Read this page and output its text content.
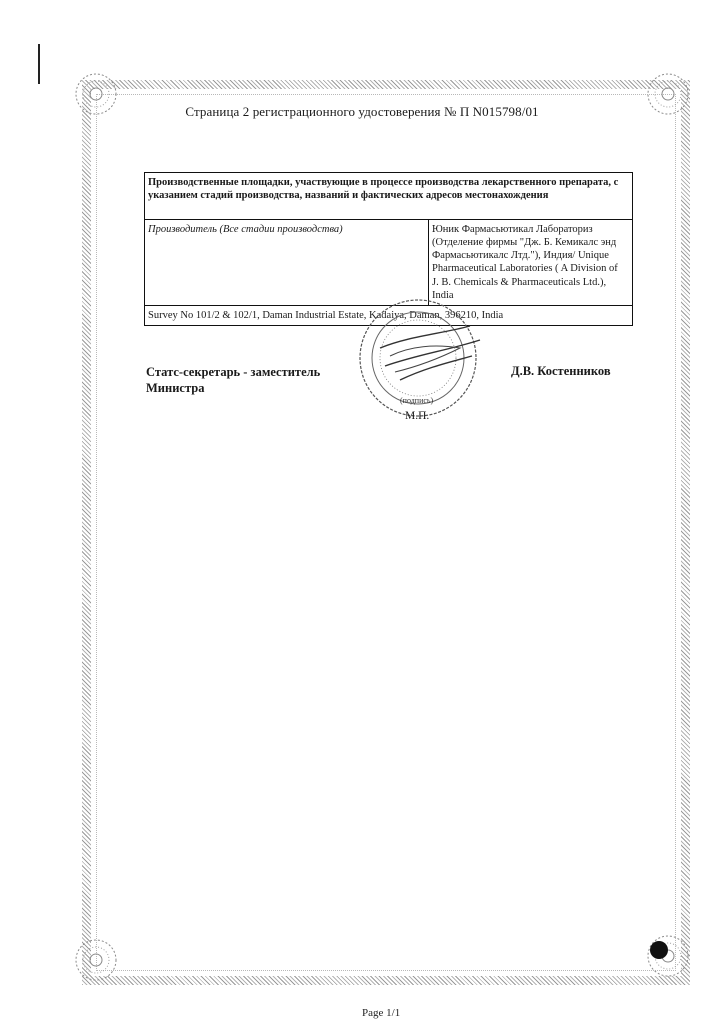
Страница 2 регистрационного удостоверения № П N015798/01
Производственные площадки, участвующие в процессе производства лекарственного препарата, с указанием стадий производства, названий и фактических адресов местонахождения
Производитель (Все стадии производства)	Юник Фармасьютикал Лабораториз
(Отделение фирмы "Дж. Б. Кемикалс энд
Фармасьютикалс Лтд."), Индия/ Unique
Pharmaceutical Laboratories ( A Division of
J. B. Chemicals & Pharmaceuticals Ltd.),
India

Survey No 101/2 & 102/1, Daman Industrial Estate, Kadaiya, Daman, 396210, India
Статс-секретарь - заместитель
Министра
Д.В. Костенников
(подпись)
М.П.
Page 1/1
